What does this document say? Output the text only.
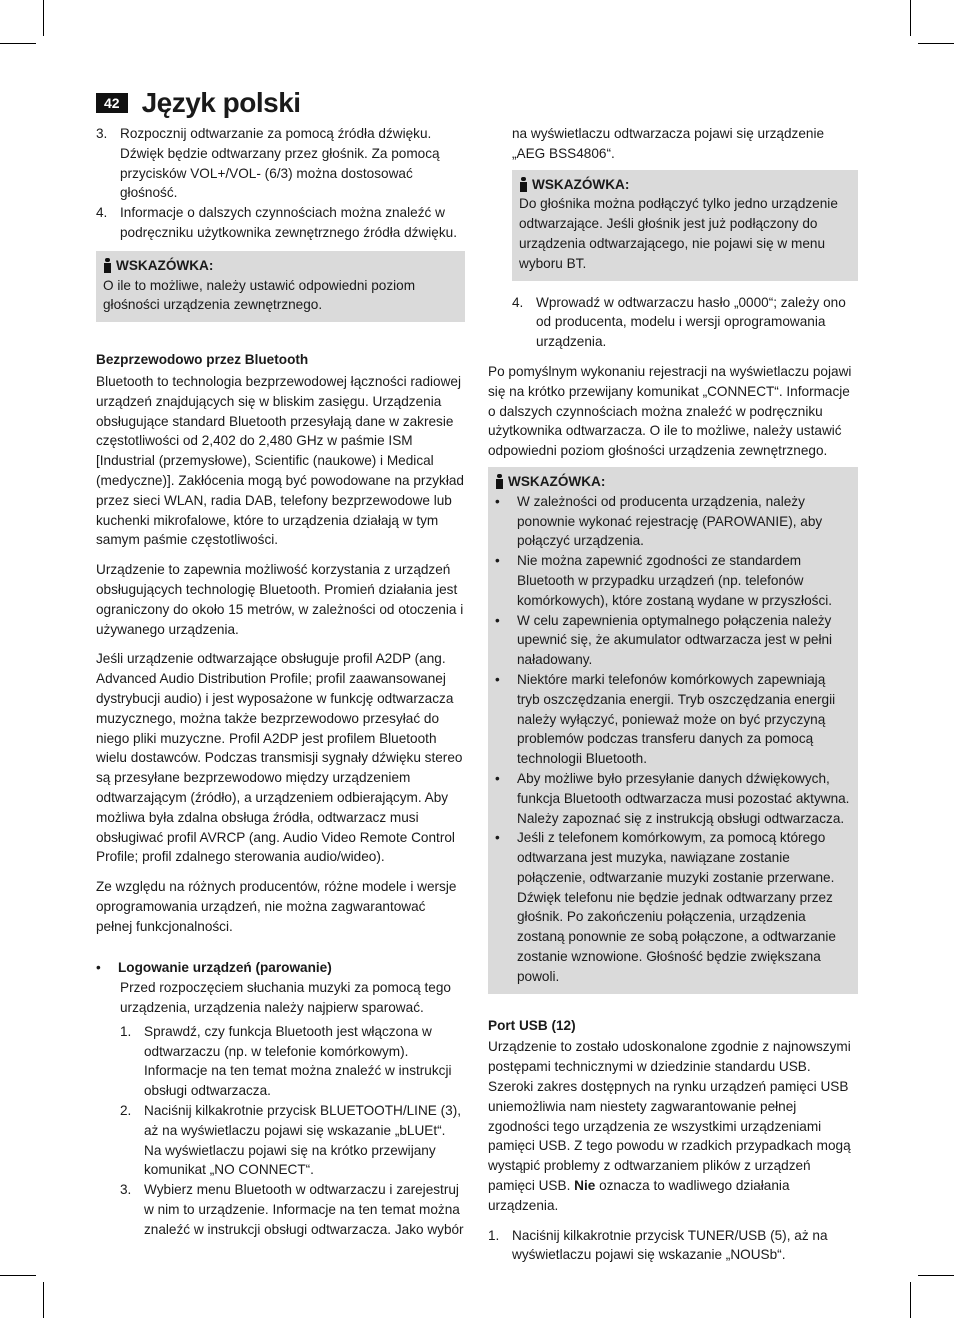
42 Język polski
3. Rozpocznij odtwarzanie za pomocą źródła dźwięku. Dźwięk będzie odtwarzany przez głośnik. Za pomocą przycisków VOL+/VOL- (6/3) można dostosować głośność.
4. Informacje o dalszych czynnościach można znaleźć w podręczniku użytkownika zewnętrznego źródła dźwięku.
WSKAZÓWKA:
O ile to możliwe, należy ustawić odpowiedni poziom głośności urządzenia zewnętrznego.
Bezprzewodowo przez Bluetooth

Bluetooth to technologia bezprzewodowej łączności radiowej urządzeń znajdujących się w bliskim zasięgu. Urządzenia obsługujące standard Bluetooth przesyłają dane w zakresie częstotliwości od 2,402 do 2,480 GHz w paśmie ISM [Industrial (przemysłowe), Scientific (naukowe) i Medical (medyczne)]. Zakłócenia mogą być powodowane na przykład przez sieci WLAN, radia DAB, telefony bezprzewodowe lub kuchenki mikrofalowe, które to urządzenia działają w tym samym paśmie częstotliwości.

Urządzenie to zapewnia możliwość korzystania z urządzeń obsługujących technologię Bluetooth. Promień działania jest ograniczony do około 15 metrów, w zależności od otoczenia i używanego urządzenia.

Jeśli urządzenie odtwarzające obsługuje profil A2DP (ang. Advanced Audio Distribution Profile; profil zaawansowanej dystrybucji audio) i jest wyposażone w funkcję odtwarzacza muzycznego, można także bezprzewodowo przesyłać do niego pliki muzyczne. Profil A2DP jest profilem Bluetooth wielu dostawców. Podczas transmisji sygnały dźwięku stereo są przesyłane bezprzewodowo między urządzeniem odtwarzającym (źródło), a urządzeniem odbierającym. Aby możliwa była zdalna obsługa źródła, odtwarzacz musi obsługiwać profil AVRCP (ang. Audio Video Remote Control Profile; profil zdalnego sterowania audio/wideo).

Ze względu na różnych producentów, różne modele i wersje oprogramowania urządzeń, nie można zagwarantować pełnej funkcjonalności.

•	Logowanie urządzeń (parowanie)

Przed rozpoczęciem słuchania muzyki za pomocą tego urządzenia, urządzenia należy najpierw sparować.

1. Sprawdź, czy funkcja Bluetooth jest włączona w odtwarzaczu (np. w telefonie komórkowym). Informacje na ten temat można znaleźć w instrukcji obsługi odtwarzacza.
2. Naciśnij kilkakrotnie przycisk BLUETOOTH/LINE (3), aż na wyświetlaczu pojawi się wskazanie „bLUEt“. Na wyświetlaczu pojawi się na krótko przewijany komunikat „NO CONNECT“.
3. Wybierz menu Bluetooth w odtwarzaczu i zarejestruj w nim to urządzenie. Informacje na ten temat można znaleźć w instrukcji obsługi odtwarzacza. Jako wybór

na wyświetlaczu odtwarzacza pojawi się urządzenie „AEG BSS4806“.

WSKAZÓWKA:
Do głośnika można podłączyć tylko jedno urządzenie odtwarzające. Jeśli głośnik jest już podłączony do urządzenia odtwarzającego, nie pojawi się w menu wyboru BT.
4. Wprowadź w odtwarzaczu hasło „0000“; zależy ono od producenta, modelu i wersji oprogramowania urządzenia.

Po pomyślnym wykonaniu rejestracji na wyświetlaczu pojawi się na krótko przewijany komunikat „CONNECT“. Informacje o dalszych czynnościach można znaleźć w podręczniku użytkownika odtwarzacza. O ile to możliwe, należy ustawić odpowiedni poziom głośności urządzenia zewnętrznego.

WSKAZÓWKA:
•	W zależności od producenta urządzenia, należy ponownie wykonać rejestrację (PAROWANIE), aby połączyć urządzenia.
•	Nie można zapewnić zgodności ze standardem Bluetooth w przypadku urządzeń (np. telefonów komórkowych), które zostaną wydane w przyszłości.
•	W celu zapewnienia optymalnego połączenia należy upewnić się, że akumulator odtwarzacza jest w pełni naładowany.
•	Niektóre marki telefonów komórkowych zapewniają tryb oszczędzania energii. Tryb oszczędzania energii należy wyłączyć, ponieważ może on być przyczyną problemów podczas transferu danych za pomocą technologii Bluetooth.
•	Aby możliwe było przesyłanie danych dźwiękowych, funkcja Bluetooth odtwarzacza musi pozostać aktywna. Należy zapoznać się z instrukcją obsługi odtwarzacza.
•	Jeśli z telefonem komórkowym, za pomocą którego odtwarzana jest muzyka, nawiązane zostanie połączenie, odtwarzanie muzyki zostanie przerwane. Dźwięk telefonu nie będzie jednak odtwarzany przez głośnik. Po zakończeniu połączenia, urządzenia zostaną ponownie ze sobą połączone, a odtwarzanie zostanie wznowione. Głośność będzie zwiększana powoli.
Port USB (12)

Urządzenie to zostało udoskonalone zgodnie z najnowszymi postępami technicznymi w dziedzinie standardu USB. Szeroki zakres dostępnych na rynku urządzeń pamięci USB uniemożliwia nam niestety zagwarantowanie pełnej zgodności tego urządzenia ze wszystkimi urządzeniami pamięci USB. Z tego powodu w rzadkich przypadkach mogą wystąpić problemy z odtwarzaniem plików z urządzeń pamięci USB. Nie oznacza to wadliwego działania urządzenia.

1. Naciśnij kilkakrotnie przycisk TUNER/USB (5), aż na wyświetlaczu pojawi się wskazanie „NOUSb“.
